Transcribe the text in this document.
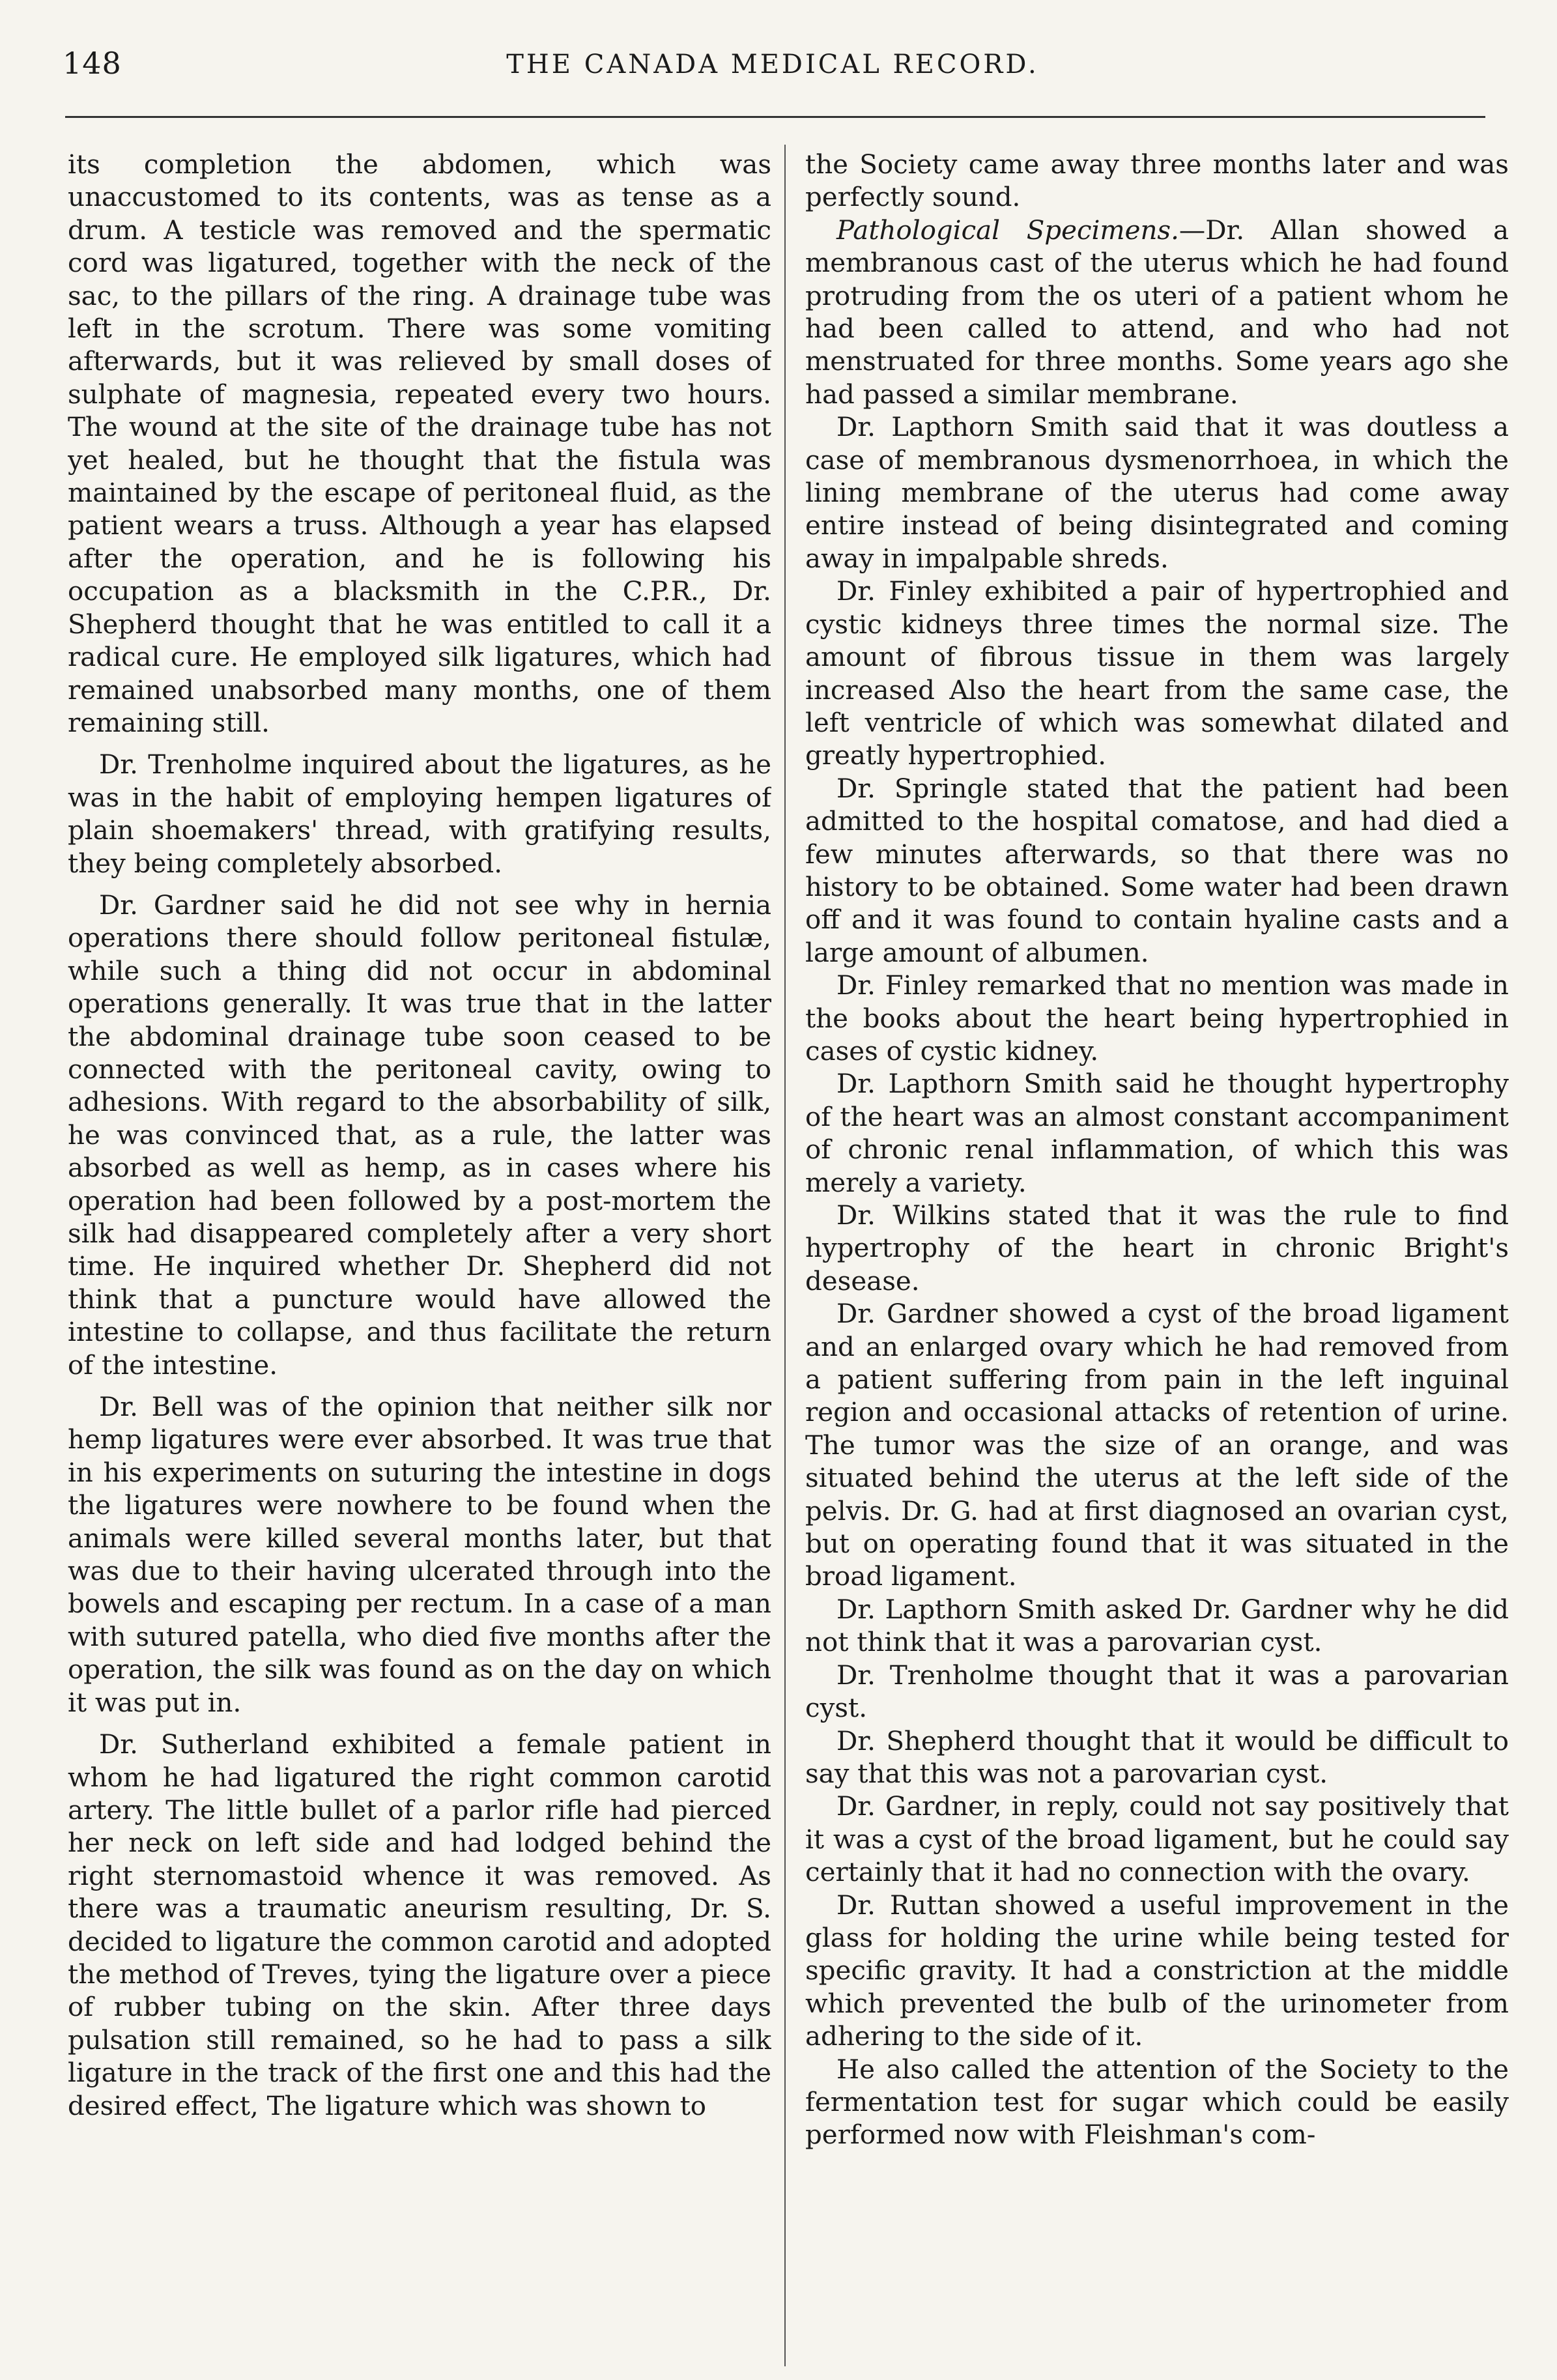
148	THE CANADA MEDICAL RECORD.

its completion the abdomen, which was unaccustomed to its contents, was as tense as a drum. A testicle was removed and the spermatic cord was ligatured, together with the neck of the sac, to the pillars of the ring. A drainage tube was left in the scrotum. There was some vomiting afterwards, but it was relieved by small doses of sulphate of magnesia, repeated every two hours. The wound at the site of the drainage tube has not yet healed, but he thought that the fistula was maintained by the escape of peritoneal fluid, as the patient wears a truss. Although a year has elapsed after the operation, and he is following his occupation as a blacksmith in the C.P.R., Dr. Shepherd thought that he was entitled to call it a radical cure. He employed silk ligatures, which had remained unabsorbed many months, one of them remaining still.

Dr. Trenholme inquired about the ligatures, as he was in the habit of employing hempen ligatures of plain shoemakers' thread, with gratifying results, they being completely absorbed.

Dr. Gardner said he did not see why in hernia operations there should follow peritoneal fistulæ, while such a thing did not occur in abdominal operations generally. It was true that in the latter the abdominal drainage tube soon ceased to be connected with the peritoneal cavity, owing to adhesions. With regard to the absorbability of silk, he was convinced that, as a rule, the latter was absorbed as well as hemp, as in cases where his operation had been followed by a post-mortem the silk had disappeared completely after a very short time. He inquired whether Dr. Shepherd did not think that a puncture would have allowed the intestine to collapse, and thus facilitate the return of the intestine.

Dr. Bell was of the opinion that neither silk nor hemp ligatures were ever absorbed. It was true that in his experiments on suturing the intestine in dogs the ligatures were nowhere to be found when the animals were killed several months later, but that was due to their having ulcerated through into the bowels and escaping per rectum. In a case of a man with sutured patella, who died five months after the operation, the silk was found as on the day on which it was put in.

Dr. Sutherland exhibited a female patient in whom he had ligatured the right common carotid artery. The little bullet of a parlor rifle had pierced her neck on left side and had lodged behind the right sternomastoid whence it was removed. As there was a traumatic aneurism resulting, Dr. S. decided to ligature the common carotid and adopted the method of Treves, tying the ligature over a piece of rubber tubing on the skin. After three days pulsation still remained, so he had to pass a silk ligature in the track of the first one and this had the desired effect, The ligature which was shown to

the Society came away three months later and was perfectly sound.

Pathological Specimens.—Dr. Allan showed a membranous cast of the uterus which he had found protruding from the os uteri of a patient whom he had been called to attend, and who had not menstruated for three months. Some years ago she had passed a similar membrane.

Dr. Lapthorn Smith said that it was doutless a case of membranous dysmenorrhoea, in which the lining membrane of the uterus had come away entire instead of being disintegrated and coming away in impalpable shreds.

Dr. Finley exhibited a pair of hypertrophied and cystic kidneys three times the normal size. The amount of fibrous tissue in them was largely increased Also the heart from the same case, the left ventricle of which was somewhat dilated and greatly hypertrophied.

Dr. Springle stated that the patient had been admitted to the hospital comatose, and had died a few minutes afterwards, so that there was no history to be obtained. Some water had been drawn off and it was found to contain hyaline casts and a large amount of albumen.

Dr. Finley remarked that no mention was made in the books about the heart being hypertrophied in cases of cystic kidney.

Dr. Lapthorn Smith said he thought hypertrophy of the heart was an almost constant accompaniment of chronic renal inflammation, of which this was merely a variety.

Dr. Wilkins stated that it was the rule to find hypertrophy of the heart in chronic Bright's desease.

Dr. Gardner showed a cyst of the broad ligament and an enlarged ovary which he had removed from a patient suffering from pain in the left inguinal region and occasional attacks of retention of urine. The tumor was the size of an orange, and was situated behind the uterus at the left side of the pelvis. Dr. G. had at first diagnosed an ovarian cyst, but on operating found that it was situated in the broad ligament.

Dr. Lapthorn Smith asked Dr. Gardner why he did not think that it was a parovarian cyst.

Dr. Trenholme thought that it was a parovarian cyst.

Dr. Shepherd thought that it would be difficult to say that this was not a parovarian cyst.

Dr. Gardner, in reply, could not say positively that it was a cyst of the broad ligament, but he could say certainly that it had no connection with the ovary.

Dr. Ruttan showed a useful improvement in the glass for holding the urine while being tested for specific gravity. It had a constriction at the middle which prevented the bulb of the urinometer from adhering to the side of it.

He also called the attention of the Society to the fermentation test for sugar which could be easily performed now with Fleishman's com-
